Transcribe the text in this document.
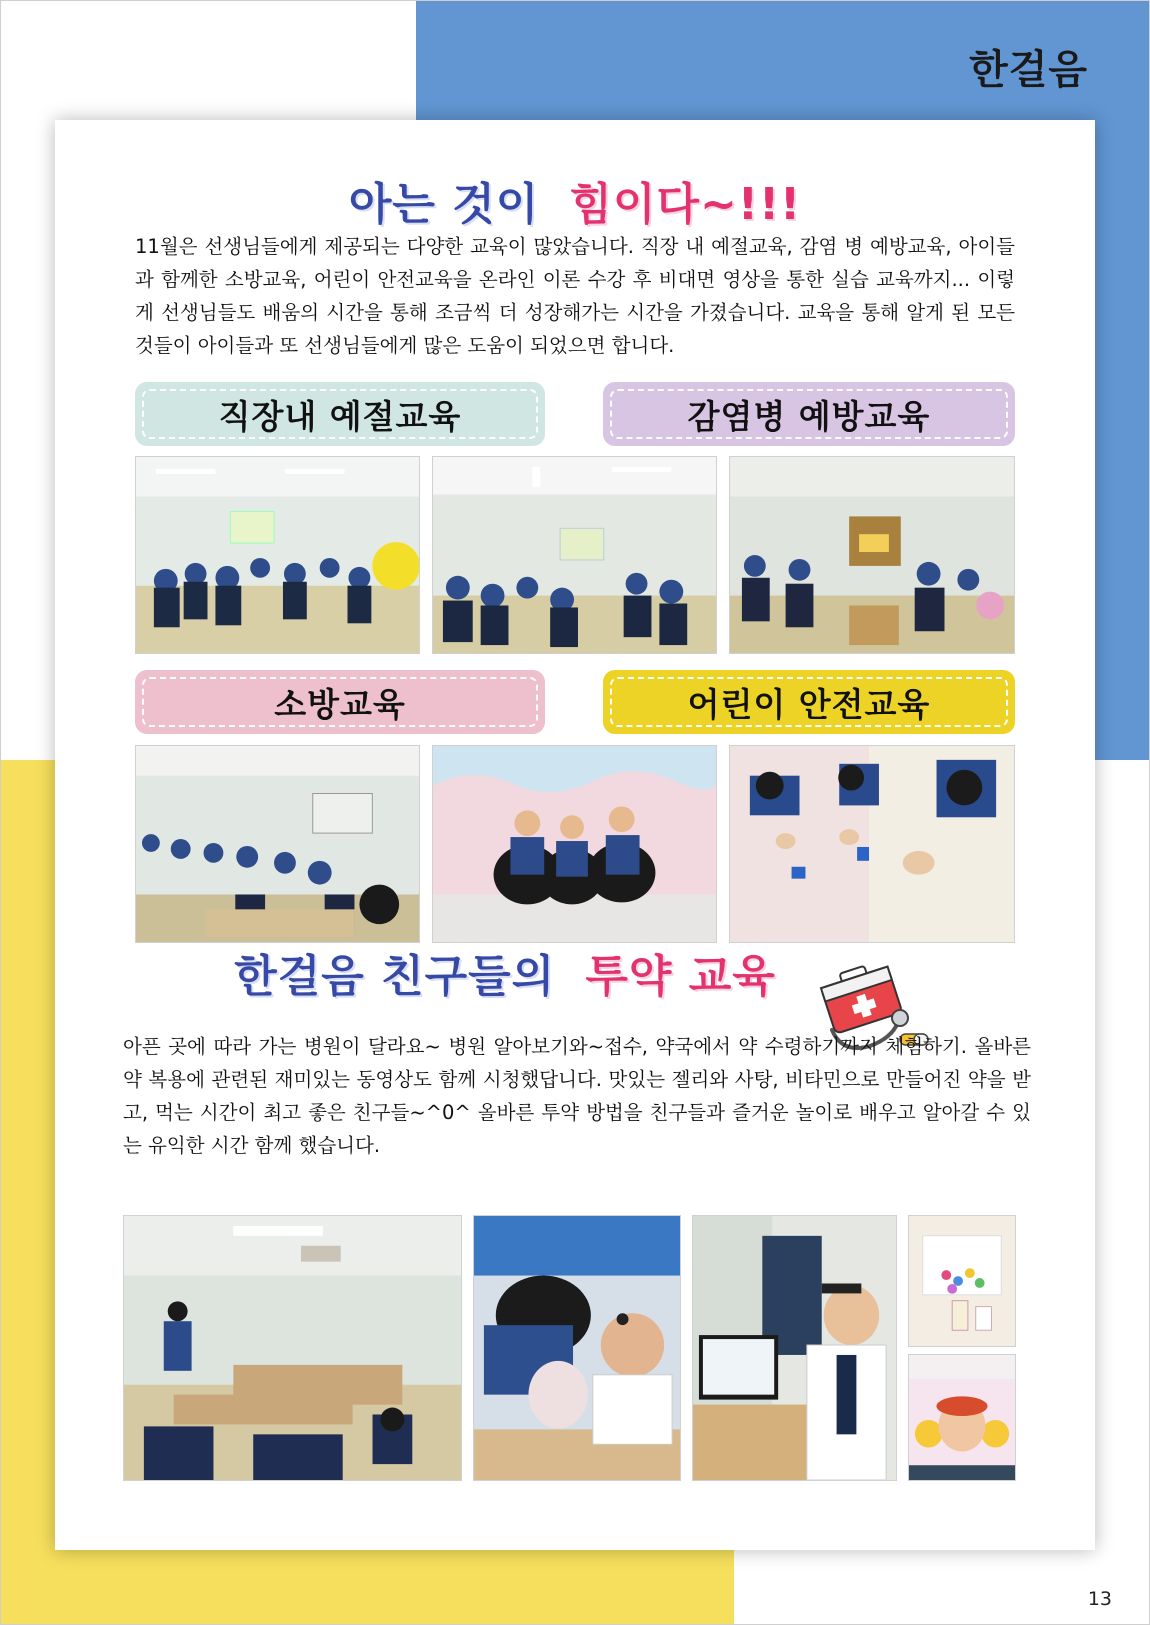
한걸음
아는 것이 힘이다~!!!
11월은 선생님들에게 제공되는 다양한 교육이 많았습니다. 직장 내 예절교육, 감염 병 예방교육, 아이들과 함께한 소방교육, 어린이 안전교육을 온라인 이론 수강 후 비대면 영상을 통한 실습 교육까지... 이렇게 선생님들도 배움의 시간을 통해 조금씩 더 성장해가는 시간을 가졌습니다. 교육을 통해 알게 된 모든 것들이 아이들과 또 선생님들에게 많은 도움이 되었으면 합니다.
직장내 예절교육	감염병 예방교육
소방교육	어린이 안전교육
한걸음 친구들의 투약 교육
아픈 곳에 따라 가는 병원이 달라요~ 병원 알아보기와~접수, 약국에서 약 수령하기까지 체험하기. 올바른 약 복용에 관련된 재미있는 동영상도 함께 시청했답니다. 맛있는 젤리와 사탕, 비타민으로 만들어진 약을 받고, 먹는 시간이 최고 좋은 친구들~^0^ 올바른 투약 방법을 친구들과 즐거운 놀이로 배우고 알아갈 수 있는 유익한 시간 함께 했습니다.
13
